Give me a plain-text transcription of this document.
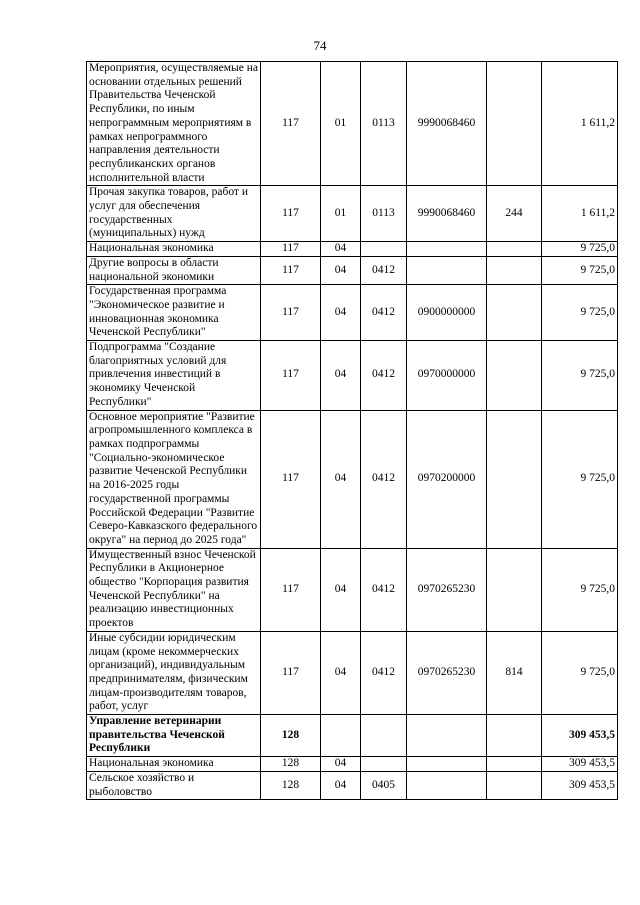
74
Мероприятия, осуществляемые на основании отдельных решений Правительства Чеченской Республики, по иным непрограммным мероприятиям в рамках непрограммного направления деятельности республиканских органов исполнительной власти	117	01	0113	9990068460		1 611,2
Прочая закупка товаров, работ и услуг для обеспечения государственных (муниципальных) нужд	117	01	0113	9990068460	244	1 611,2
Национальная экономика	117	04				9 725,0
Другие вопросы в области национальной экономики	117	04	0412			9 725,0
Государственная программа "Экономическое развитие и инновационная экономика Чеченской Республики"	117	04	0412	0900000000		9 725,0
Подпрограмма "Создание благоприятных условий для привлечения инвестиций в экономику Чеченской Республики"	117	04	0412	0970000000		9 725,0
Основное мероприятие "Развитие агропромышленного комплекса в рамках подпрограммы "Социально-экономическое развитие Чеченской Республики на 2016-2025 годы государственной программы Российской Федерации "Развитие Северо-Кавказского федерального округа" на период до 2025 года"	117	04	0412	0970200000		9 725,0
Имущественный взнос Чеченской Республики в Акционерное общество "Корпорация развития Чеченской Республики" на реализацию инвестиционных проектов	117	04	0412	0970265230		9 725,0
Иные субсидии юридическим лицам (кроме некоммерческих организаций), индивидуальным предпринимателям, физическим лицам-производителям товаров, работ, услуг	117	04	0412	0970265230	814	9 725,0
Управление ветеринарии правительства Чеченской Республики	128					309 453,5
Национальная экономика	128	04				309 453,5
Сельское хозяйство и рыболовство	128	04	0405			309 453,5
